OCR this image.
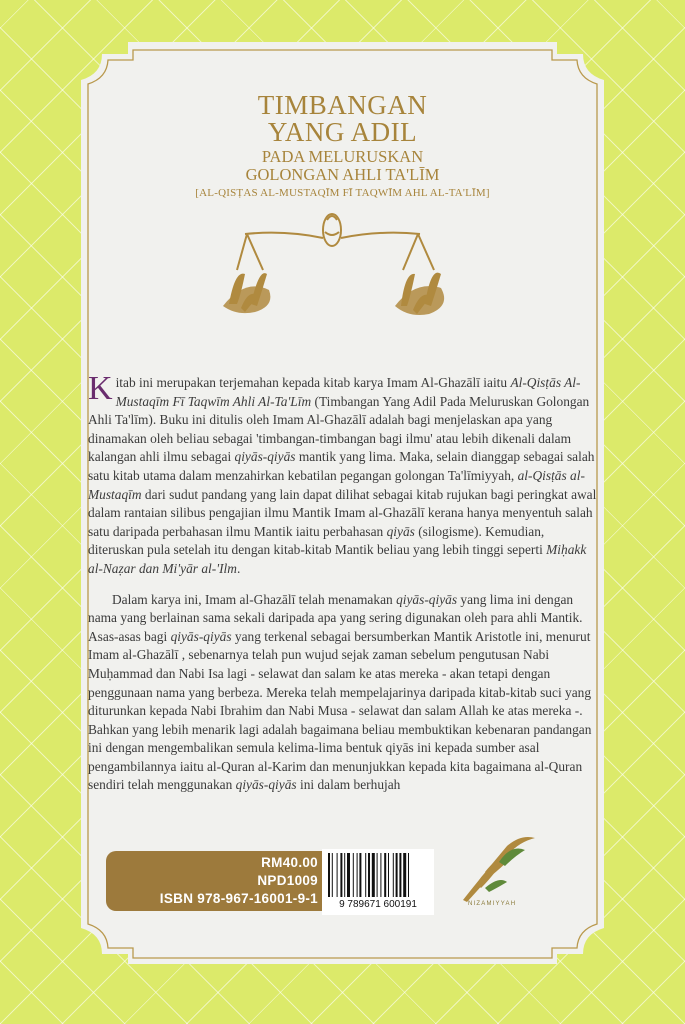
TIMBANGAN
YANG ADIL
PADA MELURUSKAN
GOLONGAN AHLI TA'LĪM
[AL-QISṬAS AL-MUSTAQĪM FĪ TAQWĪM AHL AL-TA'LĪM]

Kitab ini merupakan terjemahan kepada kitab karya Imam Al-Ghazālī iaitu Al-Qisṭās Al-Mustaqīm Fī Taqwīm Ahli Al-Ta'Līm (Timbangan Yang Adil Pada Meluruskan Golongan Ahli Ta'līm). Buku ini ditulis oleh Imam Al-Ghazālī adalah bagi menjelaskan apa yang dinamakan oleh beliau sebagai 'timbangan-timbangan bagi ilmu' atau lebih dikenali dalam kalangan ahli ilmu sebagai qiyās-qiyās mantik yang lima. Maka, selain dianggap sebagai salah satu kitab utama dalam menzahirkan kebatilan pegangan golongan Ta'līmiyyah, al-Qisṭās al-Mustaqīm dari sudut pandang yang lain dapat dilihat sebagai kitab rujukan bagi peringkat awal dalam rantaian silibus pengajian ilmu Mantik Imam al-Ghazālī kerana hanya menyentuh salah satu daripada perbahasan ilmu Mantik iaitu perbahasan qiyās (silogisme). Kemudian, diteruskan pula setelah itu dengan kitab-kitab Mantik beliau yang lebih tinggi seperti Miḥakk al-Naẓar dan Mi'yār al-'Ilm.

Dalam karya ini, Imam al-Ghazālī telah menamakan qiyās-qiyās yang lima ini dengan nama yang berlainan sama sekali daripada apa yang sering digunakan oleh para ahli Mantik. Asas-asas bagi qiyās-qiyās yang terkenal sebagai bersumberkan Mantik Aristotle ini, menurut Imam al-Ghazālī , sebenarnya telah pun wujud sejak zaman sebelum pengutusan Nabi Muḥammad dan Nabi Isa lagi - selawat dan salam ke atas mereka - akan tetapi dengan penggunaan nama yang berbeza. Mereka telah mempelajarinya daripada kitab-kitab suci yang diturunkan kepada Nabi Ibrahim dan Nabi Musa - selawat dan salam Allah ke atas mereka -. Bahkan yang lebih menarik lagi adalah bagaimana beliau membuktikan kebenaran pandangan ini dengan mengembalikan semula kelima-lima bentuk qiyās ini kepada sumber asal pengambilannya iaitu al-Quran al-Karim dan menunjukkan kepada kita bagaimana al-Quran sendiri telah menggunakan qiyās-qiyās ini dalam berhujah

RM40.00
NPD1009
ISBN 978-967-16001-9-1	9 789671 600191	NIZAMIYYAH
